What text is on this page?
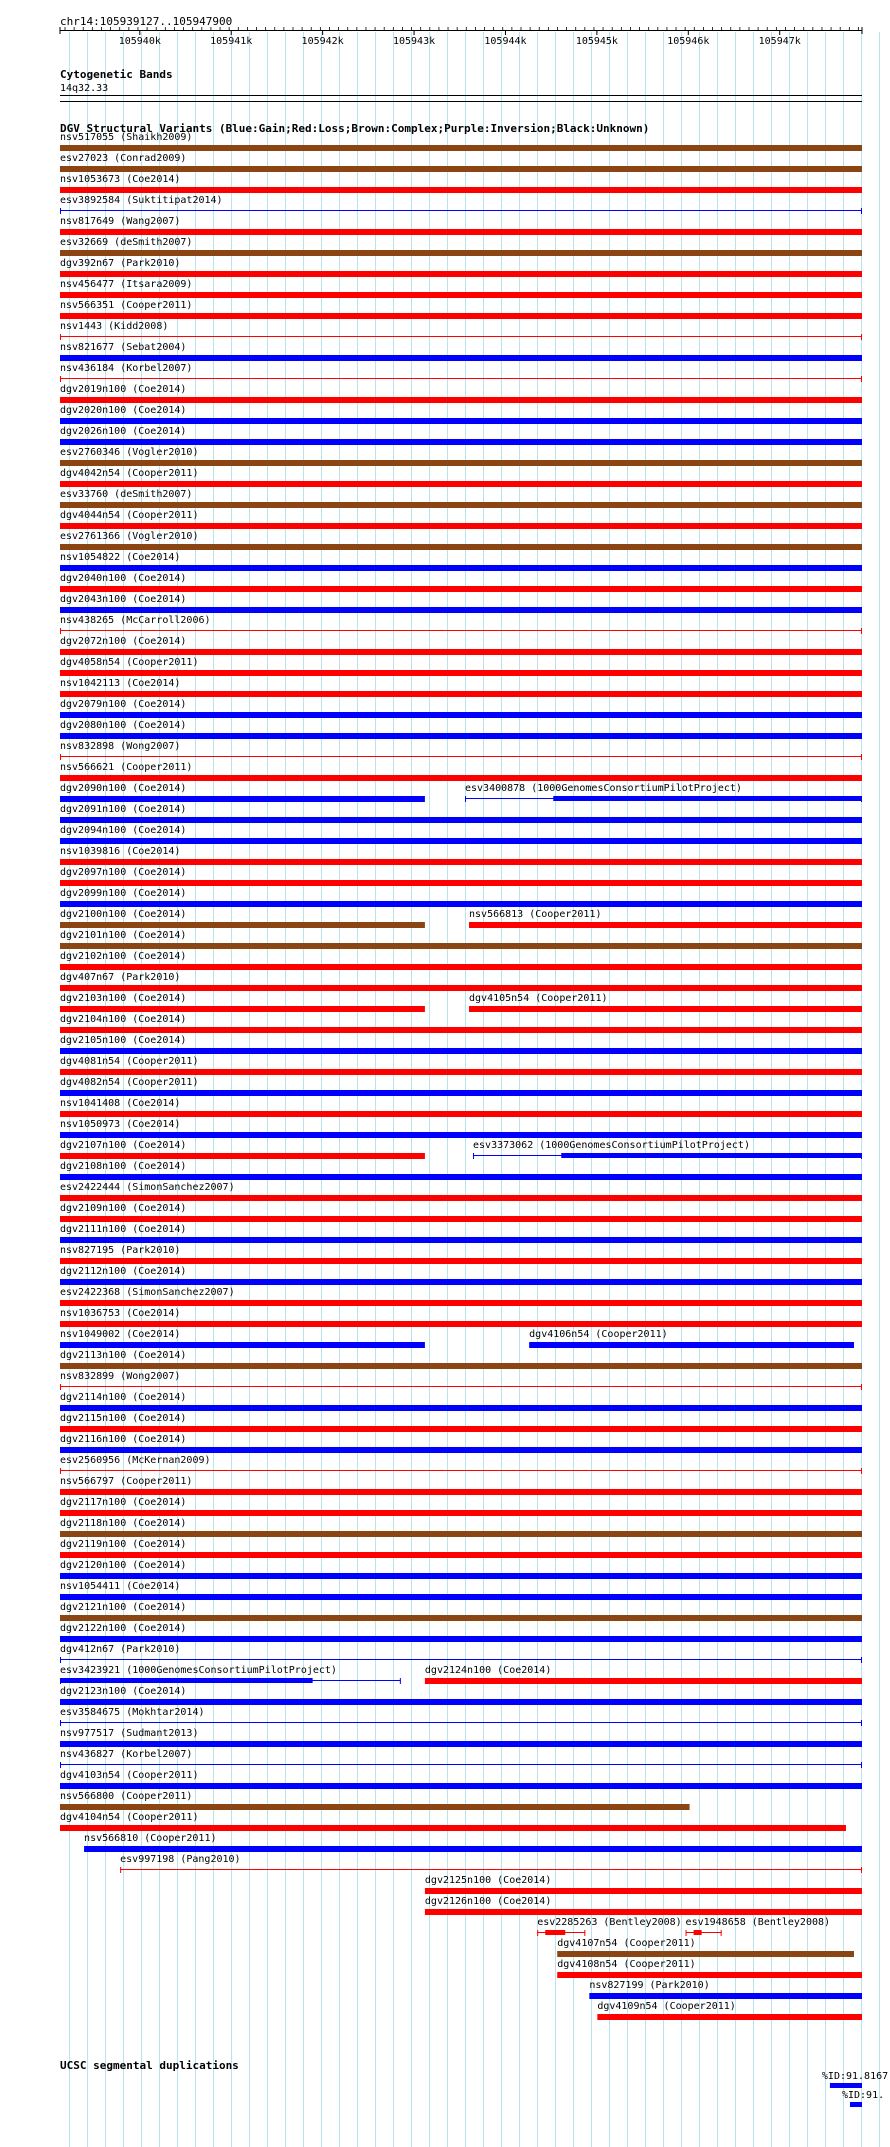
chr14:105939127..105947900
105940k	105941k	105942k	105943k	105944k	105945k	105946k	105947k
Cytogenetic Bands
14q32.33
DGV Structural Variants (Blue:Gain;Red:Loss;Brown:Complex;Purple:Inversion;Black:Unknown)
nsv517055 (Shaikh2009)
esv27023 (Conrad2009)
nsv1053673 (Coe2014)
esv3892584 (Suktitipat2014)
nsv817649 (Wang2007)
esv32669 (deSmith2007)
dgv392n67 (Park2010)
nsv456477 (Itsara2009)
nsv566351 (Cooper2011)
nsv1443 (Kidd2008)
nsv821677 (Sebat2004)
nsv436184 (Korbel2007)
dgv2019n100 (Coe2014)
dgv2020n100 (Coe2014)
dgv2026n100 (Coe2014)
esv2760346 (Vogler2010)
dgv4042n54 (Cooper2011)
esv33760 (deSmith2007)
dgv4044n54 (Cooper2011)
esv2761366 (Vogler2010)
nsv1054822 (Coe2014)
dgv2040n100 (Coe2014)
dgv2043n100 (Coe2014)
nsv438265 (McCarroll2006)
dgv2072n100 (Coe2014)
dgv4058n54 (Cooper2011)
nsv1042113 (Coe2014)
dgv2079n100 (Coe2014)
dgv2080n100 (Coe2014)
nsv832898 (Wong2007)
nsv566621 (Cooper2011)
dgv2090n100 (Coe2014)	esv3400878 (1000GenomesConsortiumPilotProject)
dgv2091n100 (Coe2014)
dgv2094n100 (Coe2014)
nsv1039816 (Coe2014)
dgv2097n100 (Coe2014)
dgv2099n100 (Coe2014)
dgv2100n100 (Coe2014)	nsv566813 (Cooper2011)
dgv2101n100 (Coe2014)
dgv2102n100 (Coe2014)
dgv407n67 (Park2010)
dgv2103n100 (Coe2014)	dgv4105n54 (Cooper2011)
dgv2104n100 (Coe2014)
dgv2105n100 (Coe2014)
dgv4081n54 (Cooper2011)
dgv4082n54 (Cooper2011)
nsv1041408 (Coe2014)
nsv1050973 (Coe2014)
dgv2107n100 (Coe2014)	esv3373062 (1000GenomesConsortiumPilotProject)
dgv2108n100 (Coe2014)
esv2422444 (SimonSanchez2007)
dgv2109n100 (Coe2014)
dgv2111n100 (Coe2014)
nsv827195 (Park2010)
dgv2112n100 (Coe2014)
esv2422368 (SimonSanchez2007)
nsv1036753 (Coe2014)
nsv1049002 (Coe2014)	dgv4106n54 (Cooper2011)
dgv2113n100 (Coe2014)
nsv832899 (Wong2007)
dgv2114n100 (Coe2014)
dgv2115n100 (Coe2014)
dgv2116n100 (Coe2014)
esv2560956 (McKernan2009)
nsv566797 (Cooper2011)
dgv2117n100 (Coe2014)
dgv2118n100 (Coe2014)
dgv2119n100 (Coe2014)
dgv2120n100 (Coe2014)
nsv1054411 (Coe2014)
dgv2121n100 (Coe2014)
dgv2122n100 (Coe2014)
dgv412n67 (Park2010)
esv3423921 (1000GenomesConsortiumPilotProject)	dgv2124n100 (Coe2014)
dgv2123n100 (Coe2014)
esv3584675 (Mokhtar2014)
nsv977517 (Sudmant2013)
nsv436827 (Korbel2007)
dgv4103n54 (Cooper2011)
nsv566800 (Cooper2011)
dgv4104n54 (Cooper2011)
nsv566810 (Cooper2011)
esv997198 (Pang2010)
dgv2125n100 (Coe2014)
dgv2126n100 (Coe2014)
esv2285263 (Bentley2008) esv1948658 (Bentley2008)
dgv4107n54 (Cooper2011)
dgv4108n54 (Cooper2011)
nsv827199 (Park2010)
dgv4109n54 (Cooper2011)
UCSC segmental duplications
%ID:91.8167
%ID:91.
